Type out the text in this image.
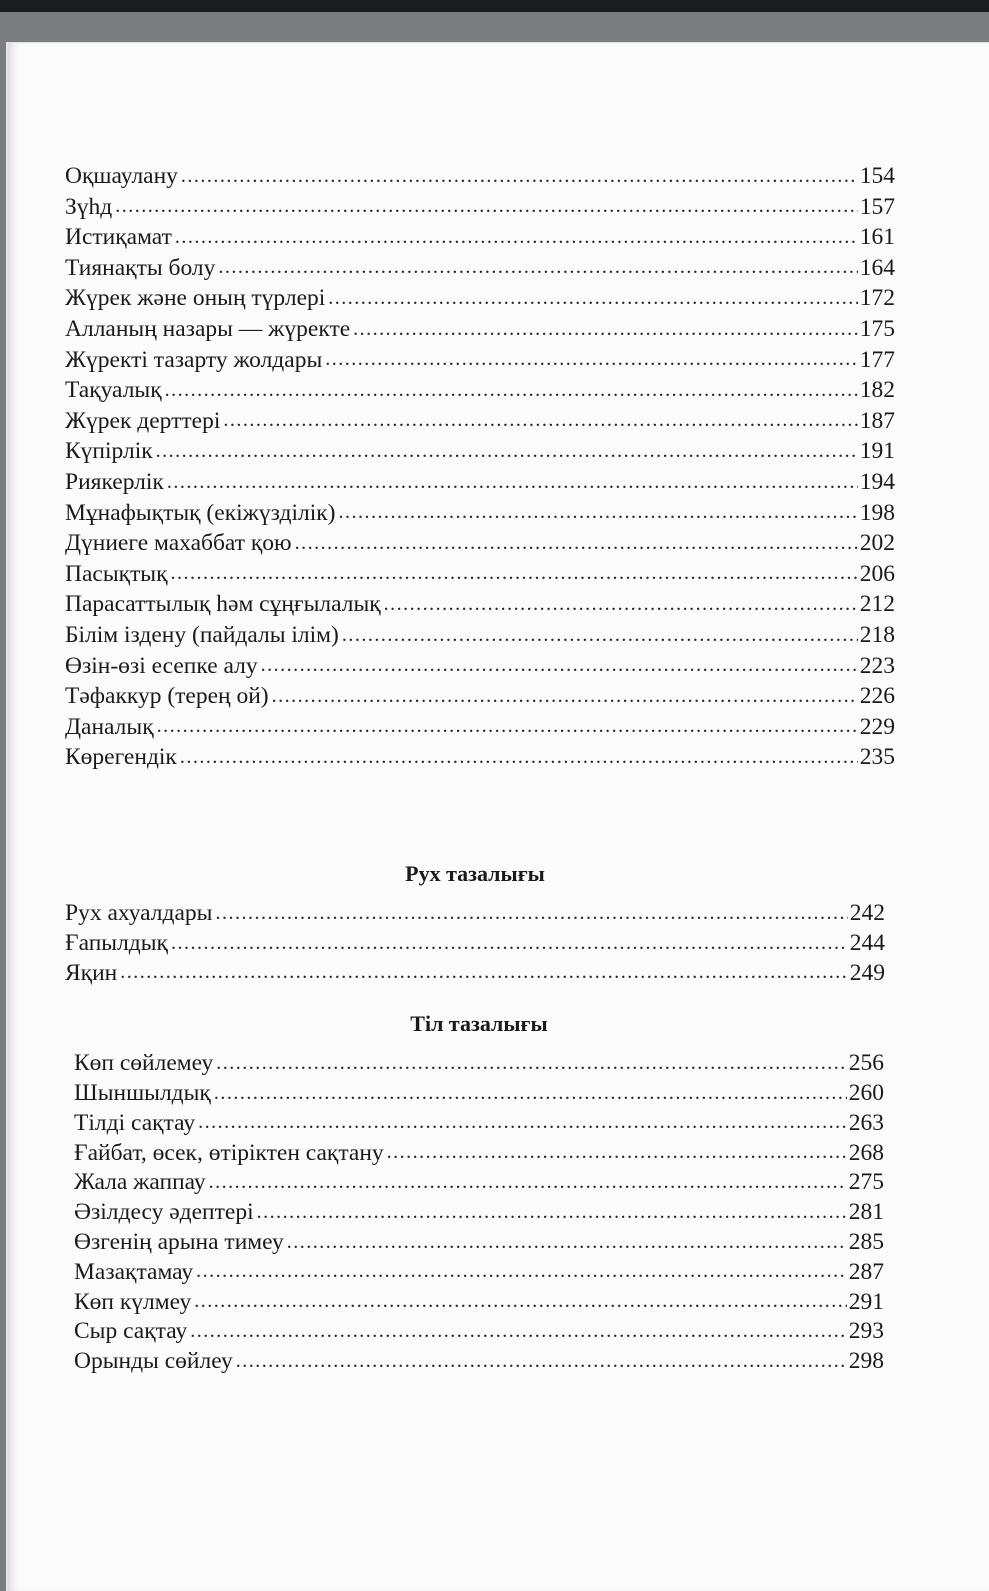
Оқшаулану .....	154
Зүһд .....	157
Истиқамат .....	161
Тиянақты болу .....	164
Жүрек және оның түрлері .....	172
Алланың назары — жүректе .....	175
Жүректі тазарту жолдары .....	177
Тақуалық .....	182
Жүрек дерттері .....	187
Күпірлік .....	191
Риякерлік .....	194
Мұнафықтық (екіжүзділік) .....	198
Дүниеге махаббат қою .....	202
Пасықтық .....	206
Парасаттылық һәм сұңғылалық .....	212
Білім іздену (пайдалы ілім) .....	218
Өзін-өзі есепке алу .....	223
Тәфаккур (терең ой) .....	226
Даналық .....	229
Көрегендік .....	235
Рух тазалығы
Рух ахуалдары .....	242
Ғапылдық .....	244
Яқин .....	249
Тіл тазалығы
Көп сөйлемеу .....	256
Шыншылдық .....	260
Тілді сақтау .....	263
Ғайбат, өсек, өтіріктен сақтану .....	268
Жала жаппау .....	275
Әзілдесу әдептері .....	281
Өзгенің арына тимеу .....	285
Мазақтамау .....	287
Көп күлмеу .....	291
Сыр сақтау .....	293
Орынды сөйлеу .....	298
